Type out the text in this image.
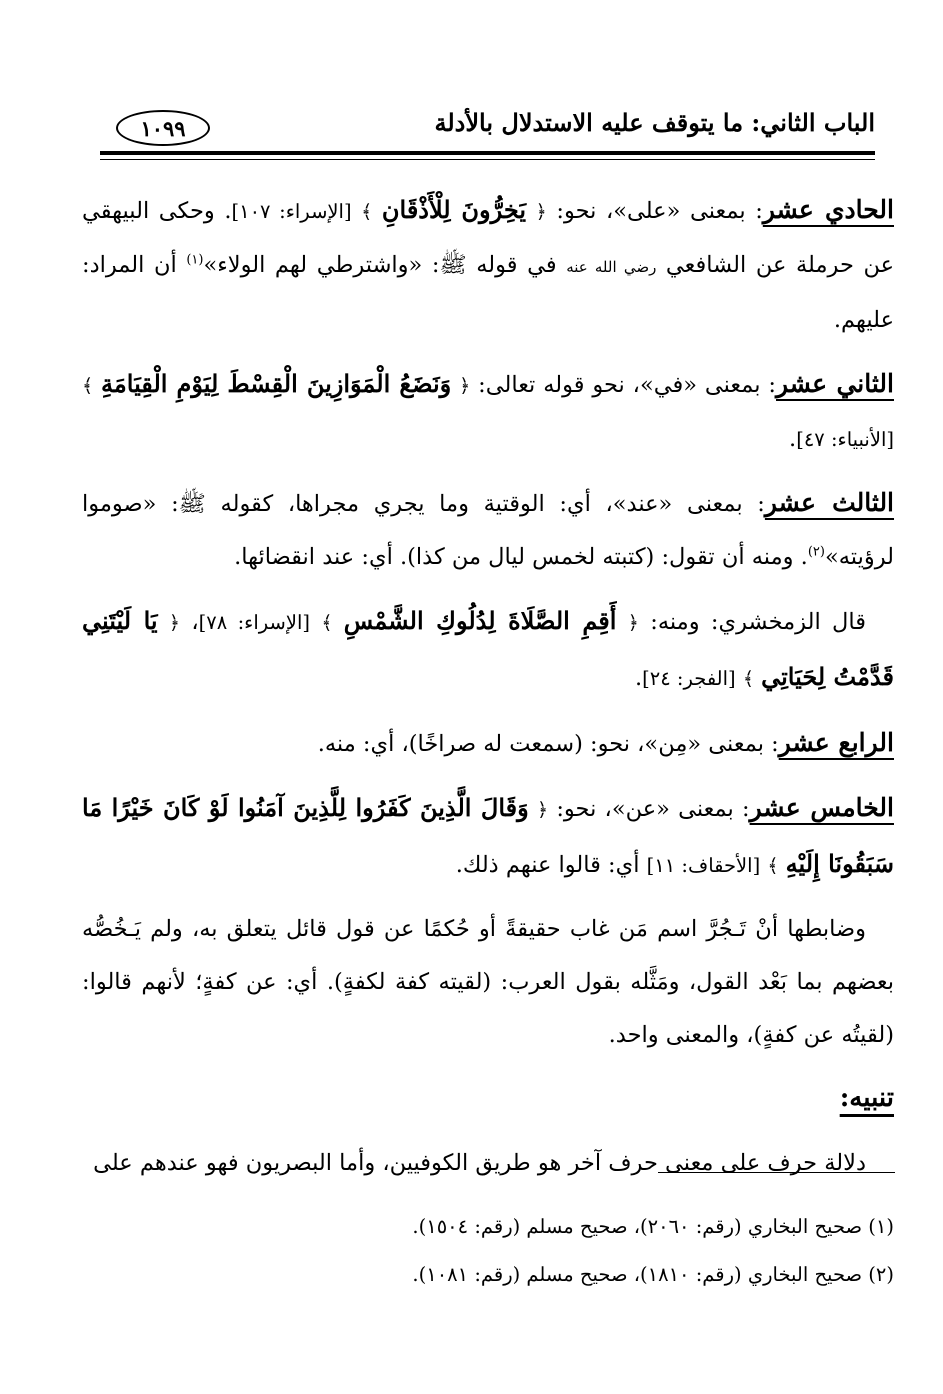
الباب الثاني: ما يتوقف عليه الاستدلال بالأدلة
١٠٩٩

الحادي عشر: بمعنى «على»، نحو: ﴿ يَخِرُّونَ لِلْأَذْقَانِ ﴾ [الإسراء: ١٠٧]. وحكى البيهقي عن حرملة عن الشافعي رضي الله عنه في قوله ﷺ: «واشترطي لهم الولاء»$^{(١)}$ أن المراد: عليهم.

الثاني عشر: بمعنى «في»، نحو قوله تعالى: ﴿ وَنَضَعُ الْمَوَازِينَ الْقِسْطَ لِيَوْمِ الْقِيَامَةِ ﴾ [الأنبياء: ٤٧].

الثالث عشر: بمعنى «عند»، أي: الوقتية وما يجري مجراها، كقوله ﷺ: «صوموا لرؤيته»$^{(٢)}$. ومنه أن تقول: (كتبته لخمس ليال من كذا). أي: عند انقضائها.

قال الزمخشري: ومنه: ﴿ أَقِمِ الصَّلَاةَ لِدُلُوكِ الشَّمْسِ ﴾ [الإسراء: ٧٨]، ﴿ يَا لَيْتَنِي قَدَّمْتُ لِحَيَاتِي ﴾ [الفجر: ٢٤].

الرابع عشر: بمعنى «مِن»، نحو: (سمعت له صراخًا)، أي: منه.

الخامس عشر: بمعنى «عن»، نحو: ﴿ وَقَالَ الَّذِينَ كَفَرُوا لِلَّذِينَ آمَنُوا لَوْ كَانَ خَيْرًا مَا سَبَقُونَا إِلَيْهِ ﴾ [الأحقاف: ١١] أي: قالوا عنهم ذلك.

وضابطها أنْ تَـجُرَّ اسم مَن غاب حقيقةً أو حُكمًا عن قول قائل يتعلق به، ولم يَـخُصُّه بعضهم بما بَعْد القول، ومَثَّله بقول العرب: (لقيته كفة لكفةٍ). أي: عن كفةٍ؛ لأنهم قالوا: (لقيتُه عن كفةٍ)، والمعنى واحد.

تنبيه:

دلالة حرف على معنى حرف آخر هو طريق الكوفيين، وأما البصريون فهو عندهم على

(١) صحيح البخاري (رقم: ٢٠٦٠)، صحيح مسلم (رقم: ١٥٠٤).
(٢) صحيح البخاري (رقم: ١٨١٠)، صحيح مسلم (رقم: ١٠٨١).
